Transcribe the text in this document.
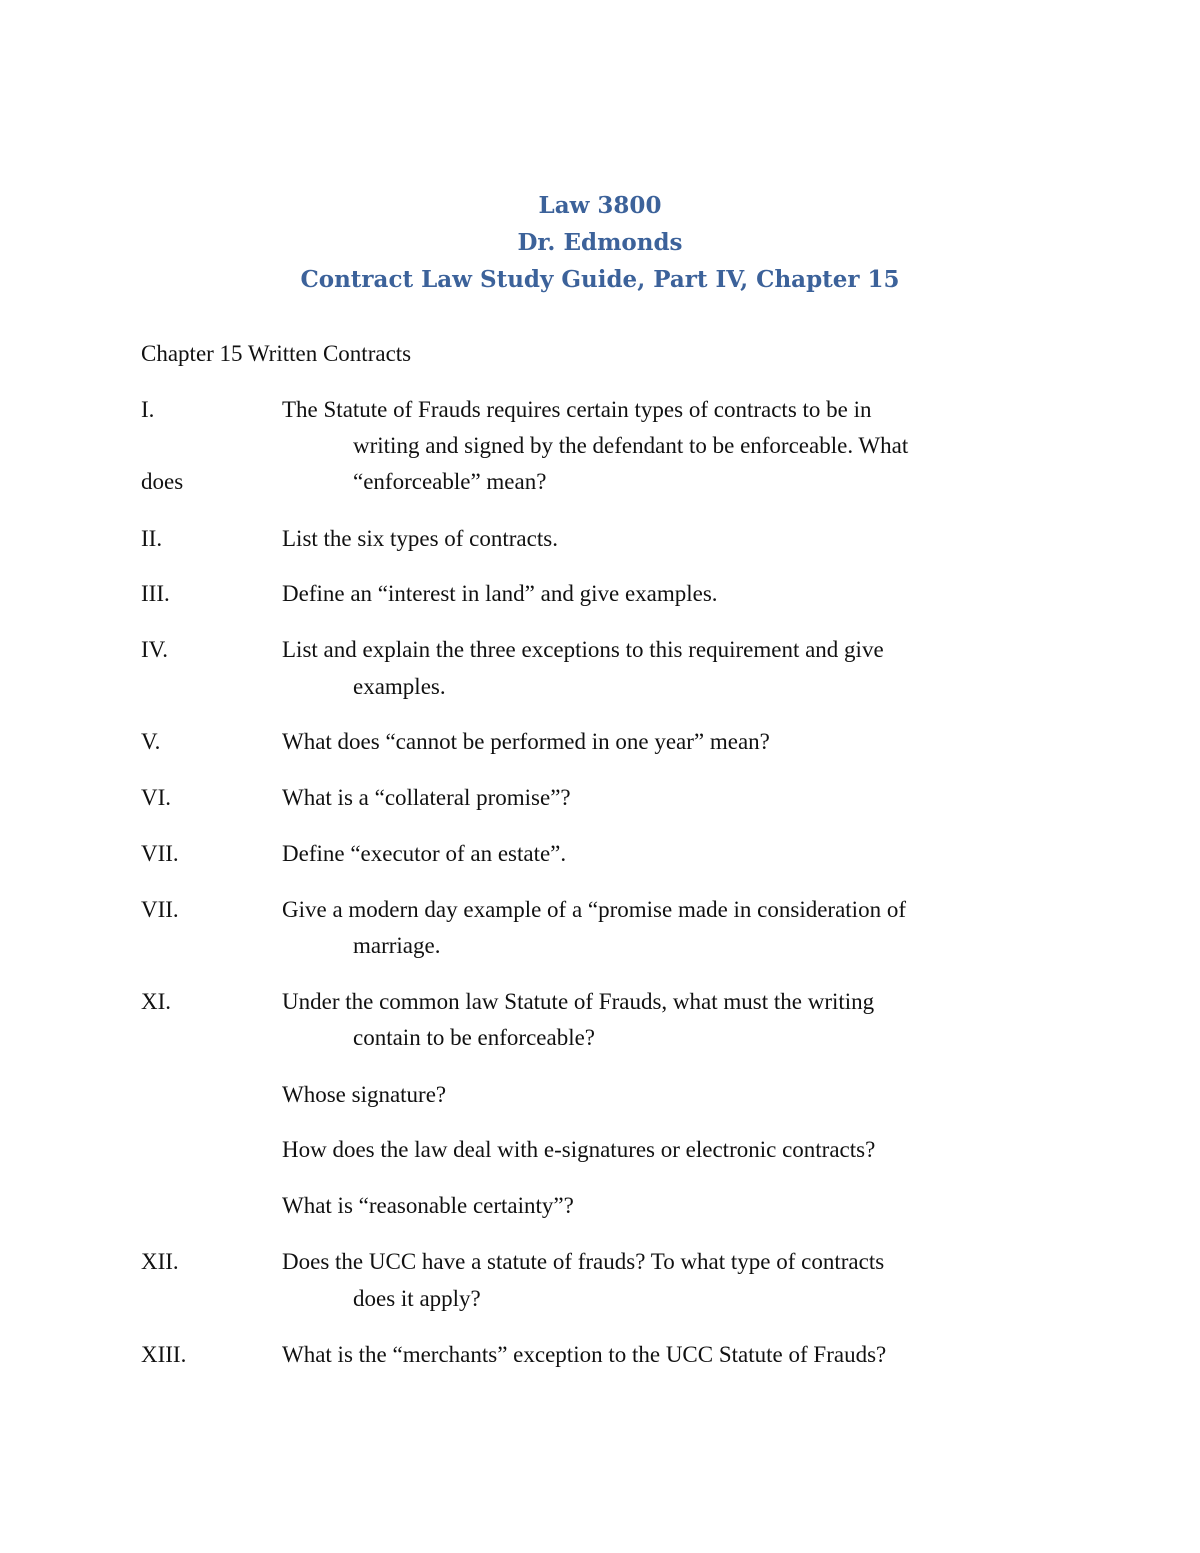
Law 3800
Dr. Edmonds
Contract Law Study Guide, Part IV, Chapter 15
Chapter 15 Written Contracts
I.	The Statute of Frauds requires certain types of contracts to be in
writing and signed by the defendant to be enforceable. What
does	“enforceable” mean?
II.	List the six types of contracts.
III.	Define an “interest in land” and give examples.
IV.	List and explain the three exceptions to this requirement and give
examples.
V.	What does “cannot be performed in one year” mean?
VI.	What is a “collateral promise”?
VII.	Define “executor of an estate”.
VII.	Give a modern day example of a “promise made in consideration of
marriage.
XI.	Under the common law Statute of Frauds, what must the writing
contain to be enforceable?
Whose signature?
How does the law deal with e-signatures or electronic contracts?
What is “reasonable certainty”?
XII.	Does the UCC have a statute of frauds? To what type of contracts
does it apply?
XIII.	What is the “merchants” exception to the UCC Statute of Frauds?
